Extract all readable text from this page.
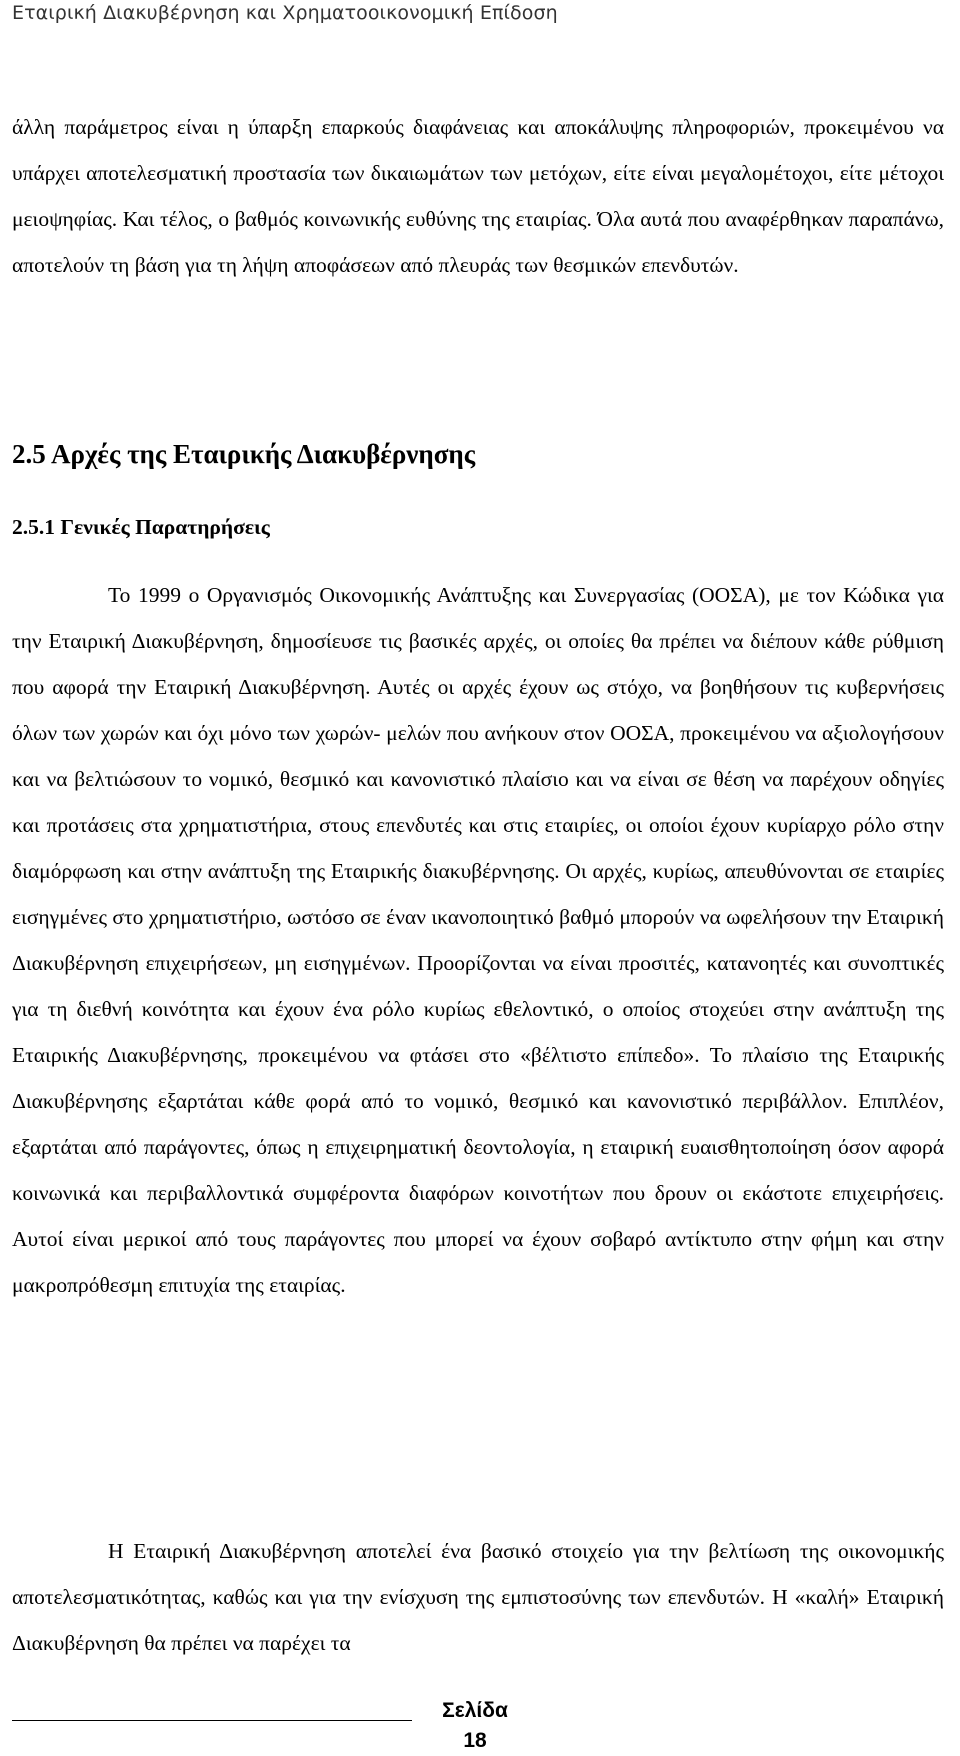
Εταιρική Διακυβέρνηση και Χρηματοοικονομική Επίδοση

άλλη παράμετρος είναι η ύπαρξη επαρκούς διαφάνειας και αποκάλυψης πληροφοριών, προκειμένου να υπάρχει αποτελεσματική προστασία των δικαιωμάτων των μετόχων, είτε είναι μεγαλομέτοχοι, είτε μέτοχοι μειοψηφίας. Και τέλος, ο βαθμός κοινωνικής ευθύνης της εταιρίας. Όλα αυτά που αναφέρθηκαν παραπάνω, αποτελούν τη βάση για τη λήψη αποφάσεων από πλευράς των θεσμικών επενδυτών.

2.5 Αρχές της Εταιρικής Διακυβέρνησης
2.5.1 Γενικές Παρατηρήσεις

Το 1999 ο Οργανισμός Οικονομικής Ανάπτυξης και Συνεργασίας (ΟΟΣΑ), με τον Κώδικα για την Εταιρική Διακυβέρνηση, δημοσίευσε τις βασικές αρχές, οι οποίες θα πρέπει να διέπουν κάθε ρύθμιση που αφορά την Εταιρική Διακυβέρνηση. Αυτές οι αρχές έχουν ως στόχο, να βοηθήσουν τις κυβερνήσεις όλων των χωρών και όχι μόνο των χωρών- μελών που ανήκουν στον ΟΟΣΑ, προκειμένου να αξιολογήσουν και να βελτιώσουν το νομικό, θεσμικό και κανονιστικό πλαίσιο και να είναι σε θέση να παρέχουν οδηγίες και προτάσεις στα χρηματιστήρια, στους επενδυτές και στις εταιρίες, οι οποίοι έχουν κυρίαρχο ρόλο στην διαμόρφωση και στην ανάπτυξη της Εταιρικής διακυβέρνησης. Οι αρχές, κυρίως, απευθύνονται σε εταιρίες εισηγμένες στο χρηματιστήριο, ωστόσο σε έναν ικανοποιητικό βαθμό μπορούν να ωφελήσουν την Εταιρική Διακυβέρνηση επιχειρήσεων, μη εισηγμένων. Προορίζονται να είναι προσιτές, κατανοητές και συνοπτικές για τη διεθνή κοινότητα και έχουν ένα ρόλο κυρίως εθελοντικό, ο οποίος στοχεύει στην ανάπτυξη της Εταιρικής Διακυβέρνησης, προκειμένου να φτάσει στο «βέλτιστο επίπεδο». Το πλαίσιο της Εταιρικής Διακυβέρνησης εξαρτάται κάθε φορά από το νομικό, θεσμικό και κανονιστικό περιβάλλον. Επιπλέον, εξαρτάται από παράγοντες, όπως η επιχειρηματική δεοντολογία, η εταιρική ευαισθητοποίηση όσον αφορά κοινωνικά και περιβαλλοντικά συμφέροντα διαφόρων κοινοτήτων που δρουν οι εκάστοτε επιχειρήσεις. Αυτοί είναι μερικοί από τους παράγοντες που μπορεί να έχουν σοβαρό αντίκτυπο στην φήμη και στην μακροπρόθεσμη επιτυχία της εταιρίας.

Η Εταιρική Διακυβέρνηση αποτελεί ένα βασικό στοιχείο για την βελτίωση της οικονομικής αποτελεσματικότητας, καθώς και για την ενίσχυση της εμπιστοσύνης των επενδυτών. Η «καλή» Εταιρική Διακυβέρνηση θα πρέπει να παρέχει τα

Σελίδα
18
